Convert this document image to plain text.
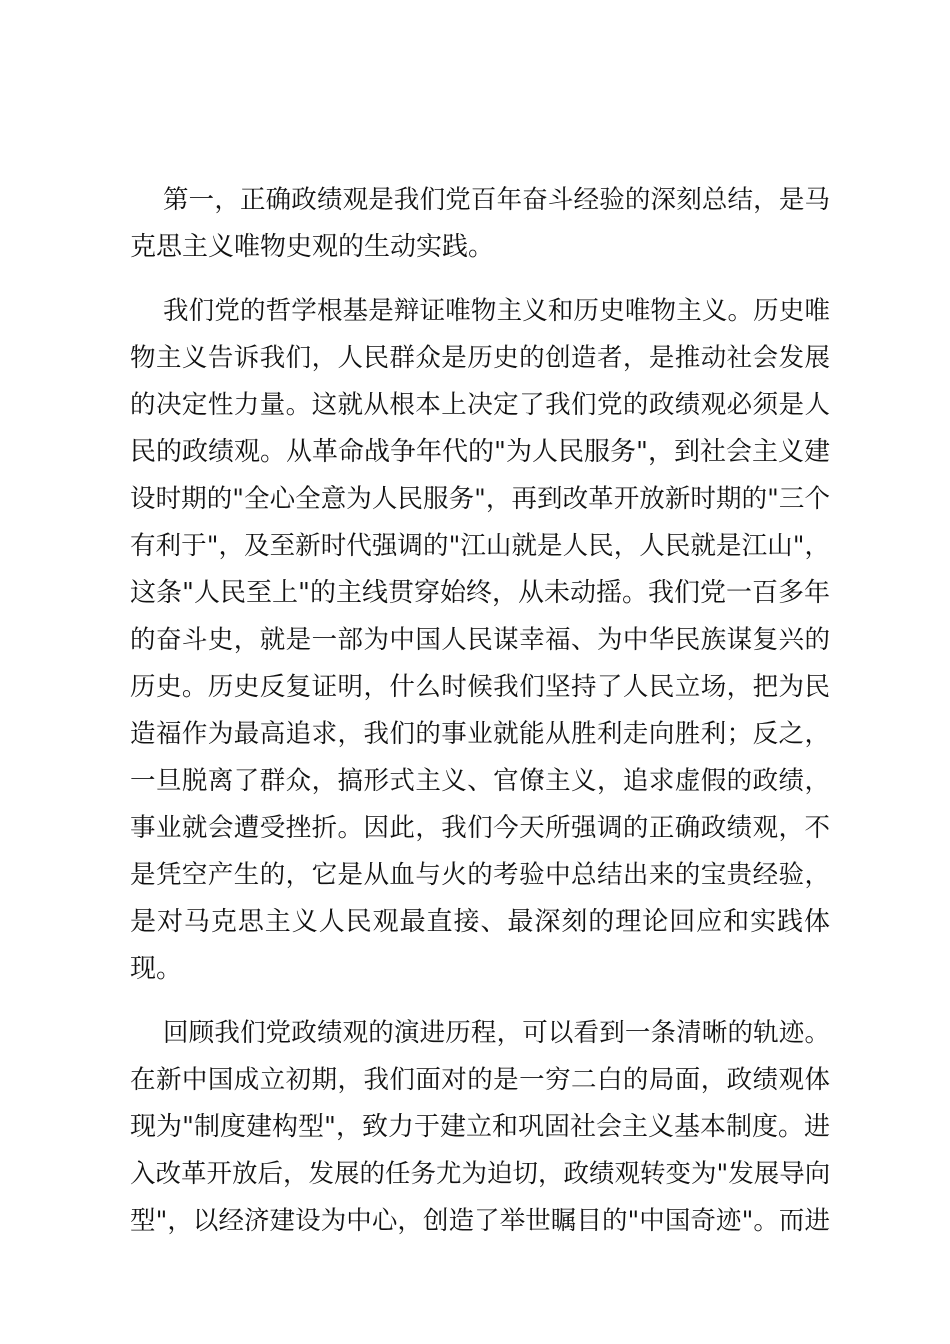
第一，正确政绩观是我们党百年奋斗经验的深刻总结，是马
克思主义唯物史观的生动实践。
我们党的哲学根基是辩证唯物主义和历史唯物主义。历史唯
物主义告诉我们，人民群众是历史的创造者，是推动社会发展
的决定性力量。这就从根本上决定了我们党的政绩观必须是人
民的政绩观。从革命战争年代的"为人民服务"，到社会主义建
设时期的"全心全意为人民服务"，再到改革开放新时期的"三个
有利于"，及至新时代强调的"江山就是人民，人民就是江山"，
这条"人民至上"的主线贯穿始终，从未动摇。我们党一百多年
的奋斗史，就是一部为中国人民谋幸福、为中华民族谋复兴的
历史。历史反复证明，什么时候我们坚持了人民立场，把为民
造福作为最高追求，我们的事业就能从胜利走向胜利；反之，
一旦脱离了群众，搞形式主义、官僚主义，追求虚假的政绩，
事业就会遭受挫折。因此，我们今天所强调的正确政绩观，不
是凭空产生的，它是从血与火的考验中总结出来的宝贵经验，
是对马克思主义人民观最直接、最深刻的理论回应和实践体
现。
回顾我们党政绩观的演进历程，可以看到一条清晰的轨迹。
在新中国成立初期，我们面对的是一穷二白的局面，政绩观体
现为"制度建构型"，致力于建立和巩固社会主义基本制度。进
入改革开放后，发展的任务尤为迫切，政绩观转变为"发展导向
型"，以经济建设为中心，创造了举世瞩目的"中国奇迹"。而进
